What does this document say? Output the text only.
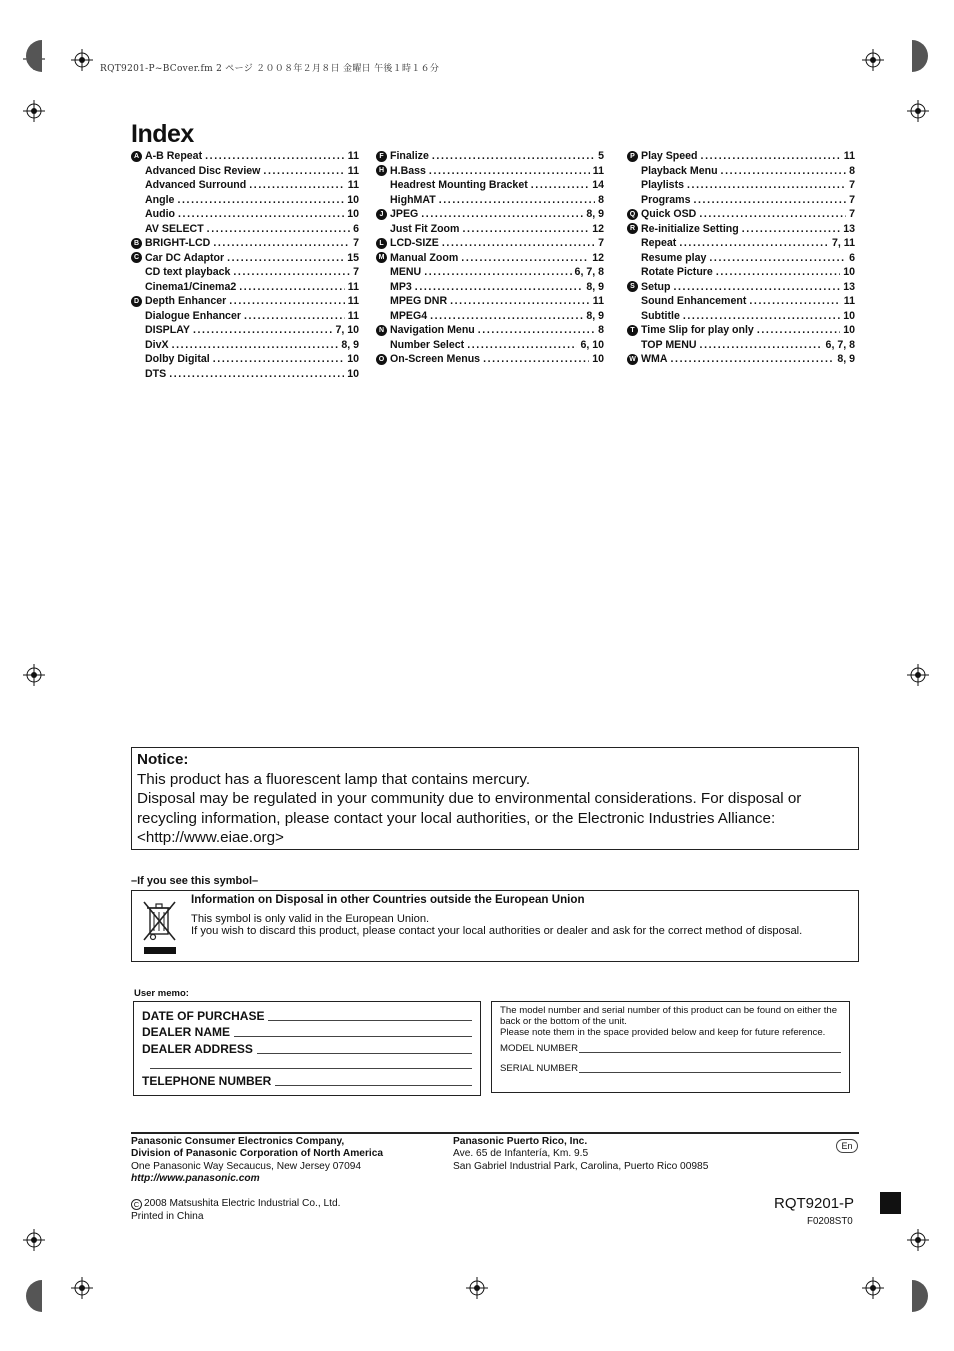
RQT9201-P~BCover.fm 2 ページ ２００８年２月８日 金曜日 午後１時１６分
Index
A A-B Repeat .....	11
Advanced Disc Review .....	11
Advanced Surround .....	11
Angle .....	10
Audio .....	10
AV SELECT .....	6
B BRIGHT-LCD .....	7
C Car DC Adaptor .....	15
CD text playback .....	7
Cinema1/Cinema2 .....	11
D Depth Enhancer .....	11
Dialogue Enhancer .....	11
DISPLAY .....	7, 10
DivX .....	8, 9
Dolby Digital .....	10
DTS .....	10
F Finalize .....	5
H H.Bass .....	11
Headrest Mounting Bracket .....	14
HighMAT .....	8
J JPEG .....	8, 9
Just Fit Zoom .....	12
L LCD-SIZE .....	7
M Manual Zoom .....	12
MENU .....	6, 7, 8
MP3 .....	8, 9
MPEG DNR .....	11
MPEG4 .....	8, 9
N Navigation Menu .....	8
Number Select .....	6, 10
O On-Screen Menus .....	10
P Play Speed .....	11
Playback Menu .....	8
Playlists .....	7
Programs .....	7
Q Quick OSD .....	7
R Re-initialize Setting .....	13
Repeat .....	7, 11
Resume play .....	6
Rotate Picture .....	10
S Setup .....	13
Sound Enhancement .....	11
Subtitle .....	10
T Time Slip for play only .....	10
TOP MENU .....	6, 7, 8
W WMA .....	8, 9
Notice:
This product has a fluorescent lamp that contains mercury.
Disposal may be regulated in your community due to environmental considerations. For disposal or recycling information, please contact your local authorities, or the Electronic Industries Alliance: <http://www.eiae.org>
–If you see this symbol–
Information on Disposal in other Countries outside the European Union
This symbol is only valid in the European Union.
If you wish to discard this product, please contact your local authorities or dealer and ask for the correct method of disposal.
User memo:
DATE OF PURCHASE
DEALER NAME
DEALER ADDRESS
TELEPHONE NUMBER
The model number and serial number of this product can be found on either the back or the bottom of the unit.
Please note them in the space provided below and keep for future reference.
MODEL NUMBER
SERIAL NUMBER
Panasonic Consumer Electronics Company,
Division of Panasonic Corporation of North America
One Panasonic Way Secaucus, New Jersey 07094
http://www.panasonic.com
Panasonic Puerto Rico, Inc.
Ave. 65 de Infantería, Km. 9.5
San Gabriel Industrial Park, Carolina, Puerto Rico 00985
En
C 2008 Matsushita Electric Industrial Co., Ltd.
Printed in China
RQT9201-P
F0208ST0
